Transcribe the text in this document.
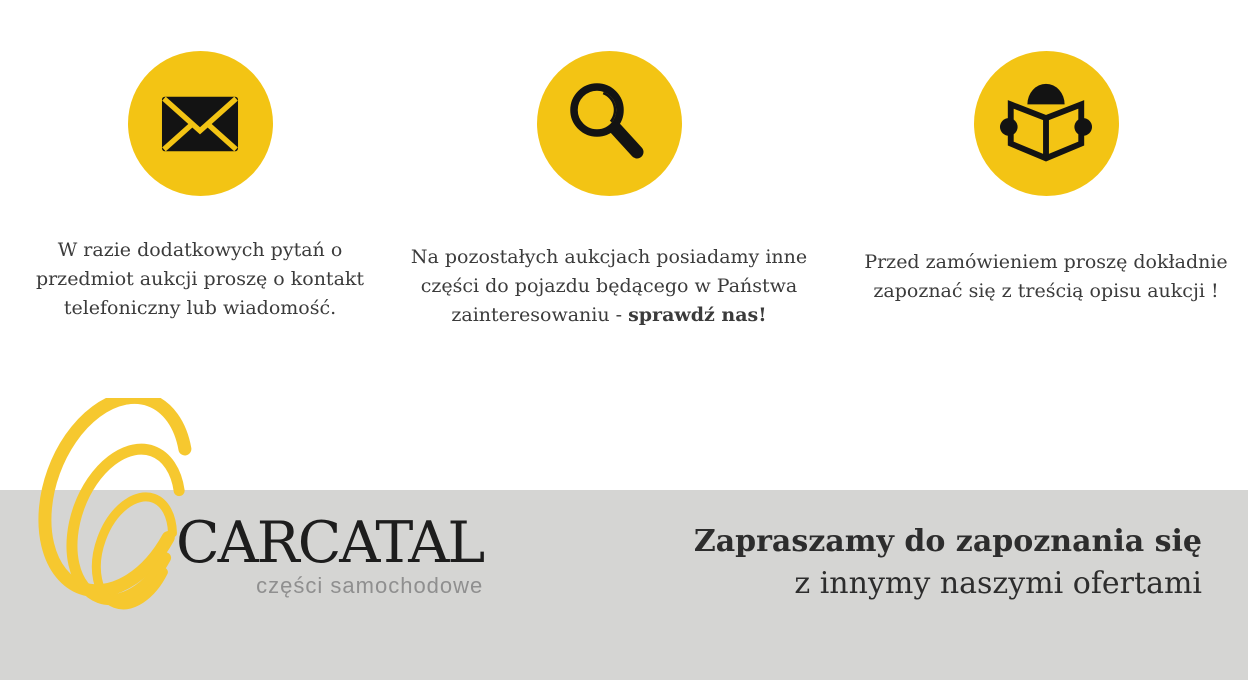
W razie dodatkowych pytań o
przedmiot aukcji proszę o kontakt
telefoniczny lub wiadomość.

Na pozostałych aukcjach posiadamy inne
części do pojazdu będącego w Państwa
zainteresowaniu - sprawdź nas!

Przed zamówieniem proszę dokładnie
zapoznać się z treścią opisu aukcji !

CARCATAL
części samochodowe
Zapraszamy do zapoznania się
z innymy naszymi ofertami
